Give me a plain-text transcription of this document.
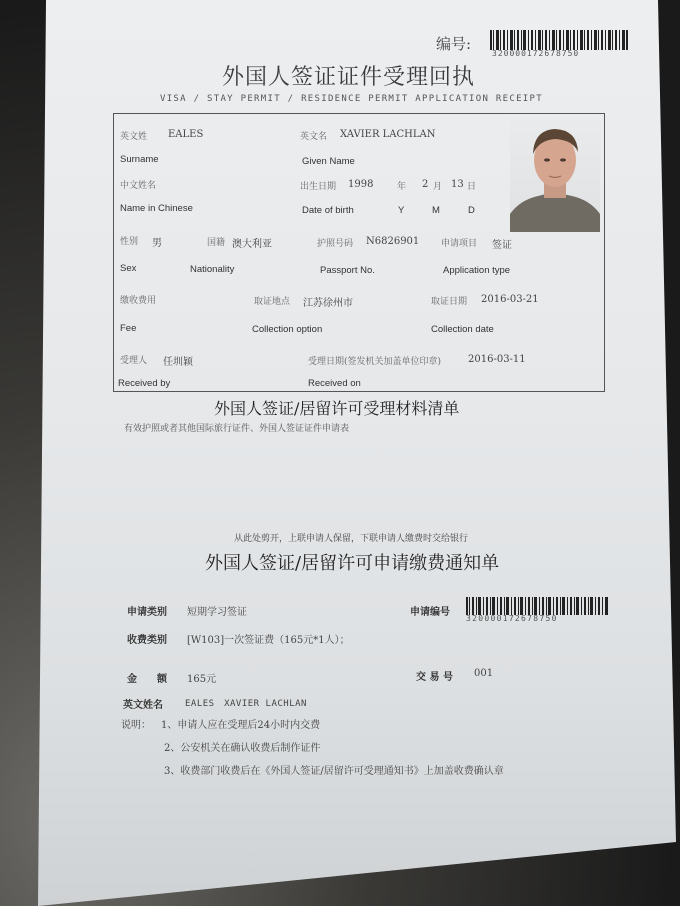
编号:
320000172678750
外国人签证证件受理回执
VISA / STAY PERMIT / RESIDENCE PERMIT APPLICATION RECEIPT
英文姓 EALES	英文名 XAVIER LACHLAN
Surname	Given Name
中文姓名	出生日期 1998	年 2 月 13 日
Name in Chinese	Date of birth	Y	M	D
性别 男	国籍 澳大利亚	护照号码 N6826901 申请项目 签证
Sex	Nationality	Passport No.	Application type
缴收费用	取证地点 江苏徐州市	取证日期 2016-03-21
Fee	Collection option	Collection date
受理人 任圳颖	受理日期(签发机关加盖单位印章)	2016-03-11
Received by	Received on
外国人签证/居留许可受理材料清单
有效护照或者其他国际旅行证件、外国人签证证件申请表
从此处剪开，上联申请人保留，下联申请人缴费时交给银行
外国人签证/居留许可申请缴费通知单
申请类别 短期学习签证	申请编号
320000172678750
收费类别 [W103]一次签证费（165元*1人）；
金　　额 165元	交 易 号 001
英文姓名 EALES　XAVIER LACHLAN
说明： 1、申请人应在受理后24小时内交费
2、公安机关在确认收费后制作证件
3、收费部门收费后在《外国人签证/居留许可受理通知书》上加盖收费确认章
